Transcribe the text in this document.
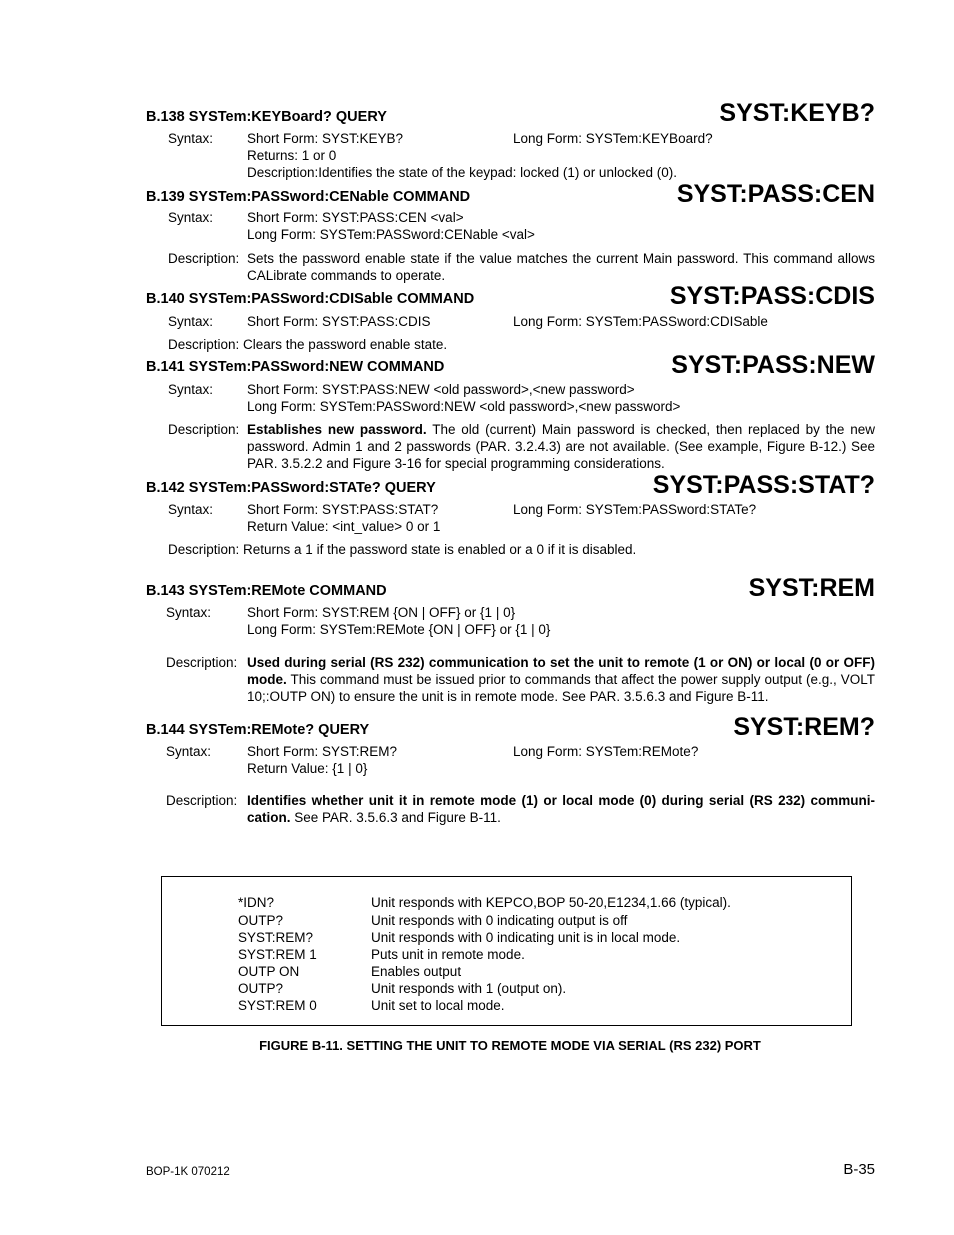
B.138 SYSTem:KEYBoard? QUERY	SYST:KEYB?
Syntax:	Short Form: SYST:KEYB?	Long Form: SYSTem:KEYBoard?
Returns: 1 or 0
Description:Identifies the state of the keypad: locked (1) or unlocked (0).
B.139 SYSTem:PASSword:CENable COMMAND	SYST:PASS:CEN
Syntax:	Short Form: SYST:PASS:CEN <val>
Long Form: SYSTem:PASSword:CENable <val>
Description: Sets the password enable state if the value matches the current Main password. This command allows CALibrate commands to operate.
B.140 SYSTem:PASSword:CDISable COMMAND	SYST:PASS:CDIS
Syntax:	Short Form: SYST:PASS:CDIS	Long Form: SYSTem:PASSword:CDISable
Description: Clears the password enable state.
B.141 SYSTem:PASSword:NEW COMMAND	SYST:PASS:NEW
Syntax:	Short Form: SYST:PASS:NEW <old password>,<new password>
Long Form: SYSTem:PASSword:NEW <old password>,<new password>
Description: Establishes new password. The old (current) Main password is checked, then replaced by the new password. Admin 1 and 2 passwords (PAR. 3.2.4.3) are not available. (See example, Figure B-12.) See PAR. 3.5.2.2 and Figure 3-16 for special programming considerations.
B.142 SYSTem:PASSword:STATe? QUERY	SYST:PASS:STAT?
Syntax:	Short Form: SYST:PASS:STAT?	Long Form: SYSTem:PASSword:STATe?
Return Value: <int_value> 0 or 1
Description: Returns a 1 if the password state is enabled or a 0 if it is disabled.
B.143 SYSTem:REMote COMMAND	SYST:REM
Syntax:	Short Form: SYST:REM {ON | OFF} or {1 | 0}
Long Form: SYSTem:REMote {ON | OFF} or {1 | 0}
Description: Used during serial (RS 232) communication to set the unit to remote (1 or ON) or local (0 or OFF) mode. This command must be issued prior to commands that affect the power supply output (e.g., VOLT 10;:OUTP ON) to ensure the unit is in remote mode. See PAR. 3.5.6.3 and Figure B-11.
B.144 SYSTem:REMote? QUERY	SYST:REM?
Syntax:	Short Form: SYST:REM?	Long Form: SYSTem:REMote?
Return Value: {1 | 0}
Description: Identifies whether unit it in remote mode (1) or local mode (0) during serial (RS 232) communi-cation. See PAR. 3.5.6.3 and Figure B-11.
*IDN?	Unit responds with KEPCO,BOP 50-20,E1234,1.66 (typical).
OUTP?	Unit responds with 0 indicating output is off
SYST:REM?	Unit responds with 0 indicating unit is in local mode.
SYST:REM 1	Puts unit in remote mode.
OUTP ON	Enables output
OUTP?	Unit responds with 1 (output on).
SYST:REM 0	Unit set to local mode.
FIGURE B-11. SETTING THE UNIT TO REMOTE MODE VIA SERIAL (RS 232) PORT
BOP-1K 070212	B-35
